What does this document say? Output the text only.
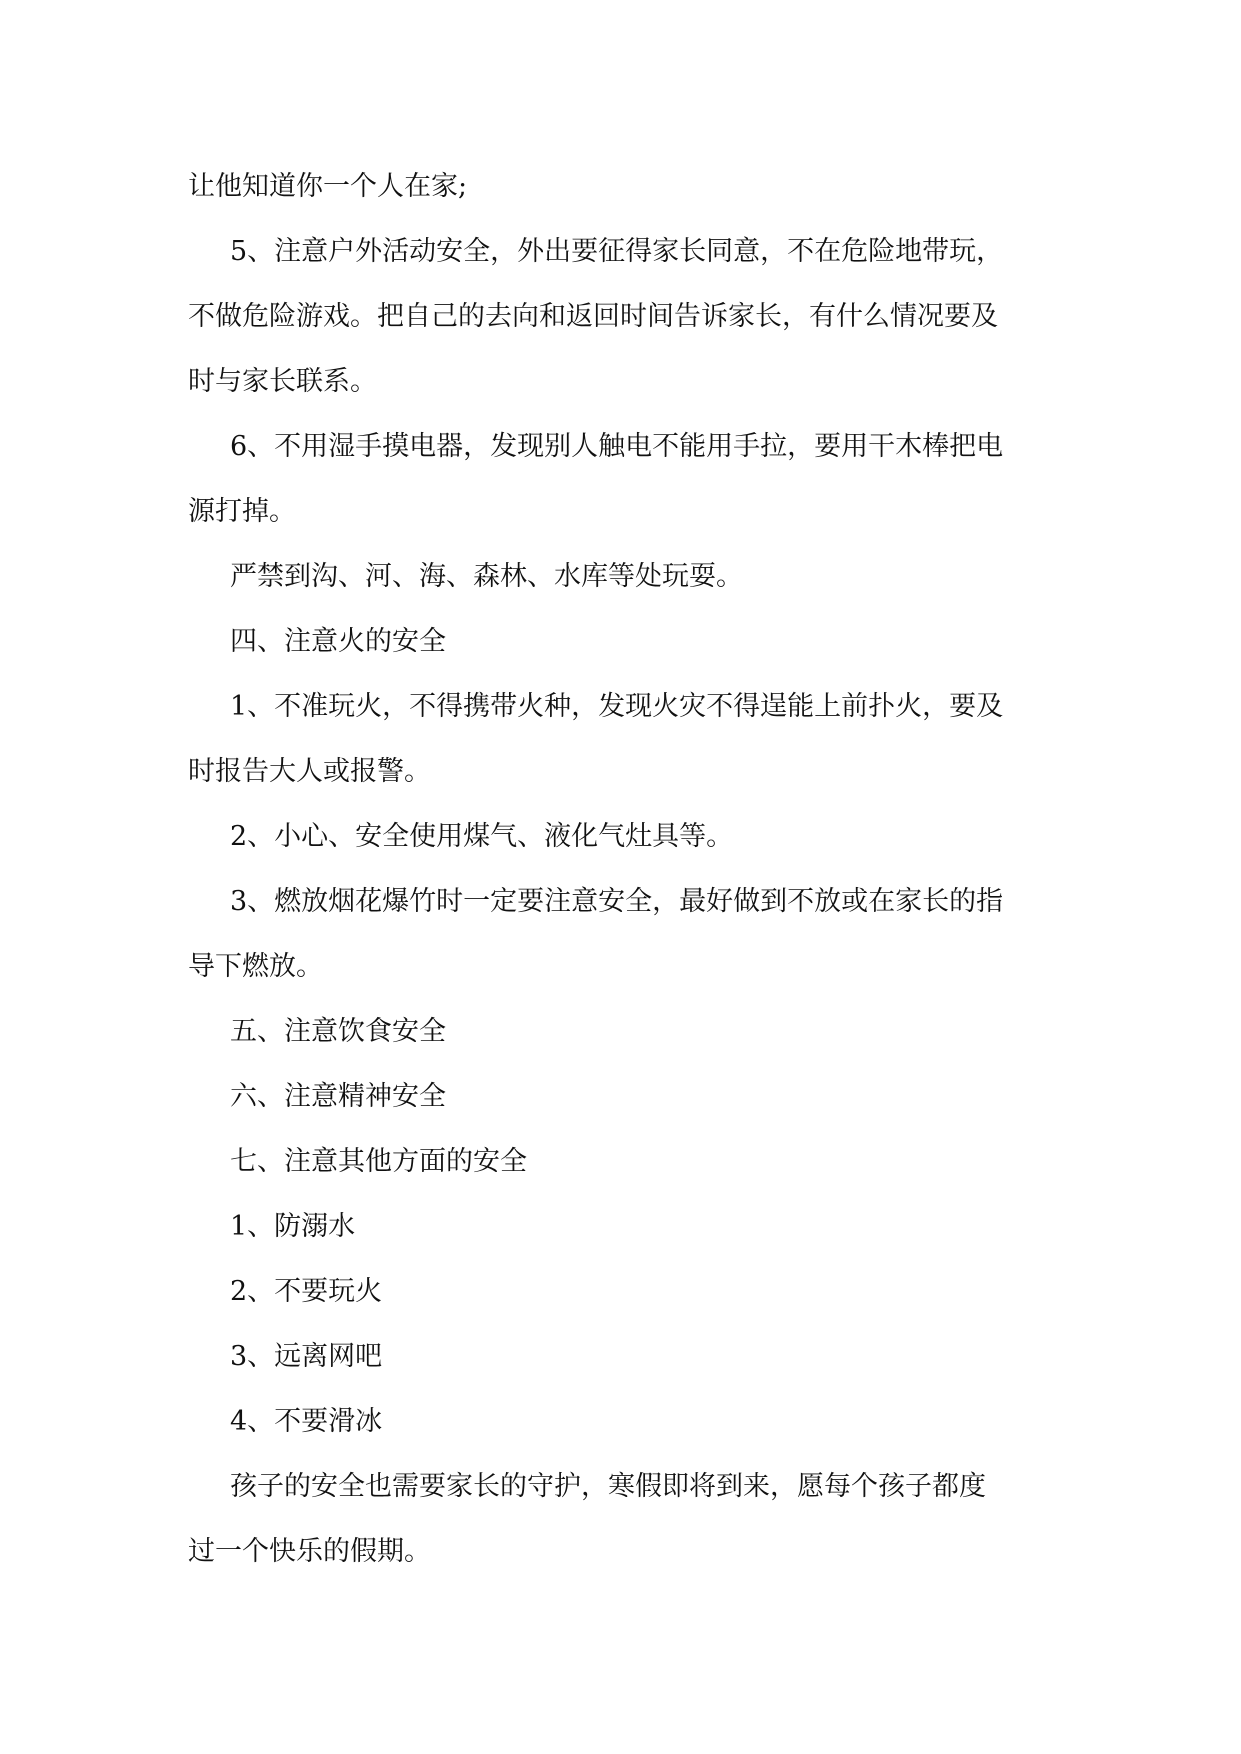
让他知道你一个人在家;

5、注意户外活动安全，外出要征得家长同意，不在危险地带玩，
不做危险游戏。把自己的去向和返回时间告诉家长，有什么情况要及
时与家长联系。

6、不用湿手摸电器，发现别人触电不能用手拉，要用干木棒把电
源打掉。

严禁到沟、河、海、森林、水库等处玩耍。

四、注意火的安全

1、不准玩火，不得携带火种，发现火灾不得逞能上前扑火，要及
时报告大人或报警。

2、小心、安全使用煤气、液化气灶具等。

3、燃放烟花爆竹时一定要注意安全，最好做到不放或在家长的指
导下燃放。

五、注意饮食安全

六、注意精神安全

七、注意其他方面的安全

1、防溺水

2、不要玩火

3、远离网吧

4、不要滑冰

孩子的安全也需要家长的守护，寒假即将到来，愿每个孩子都度
过一个快乐的假期。
